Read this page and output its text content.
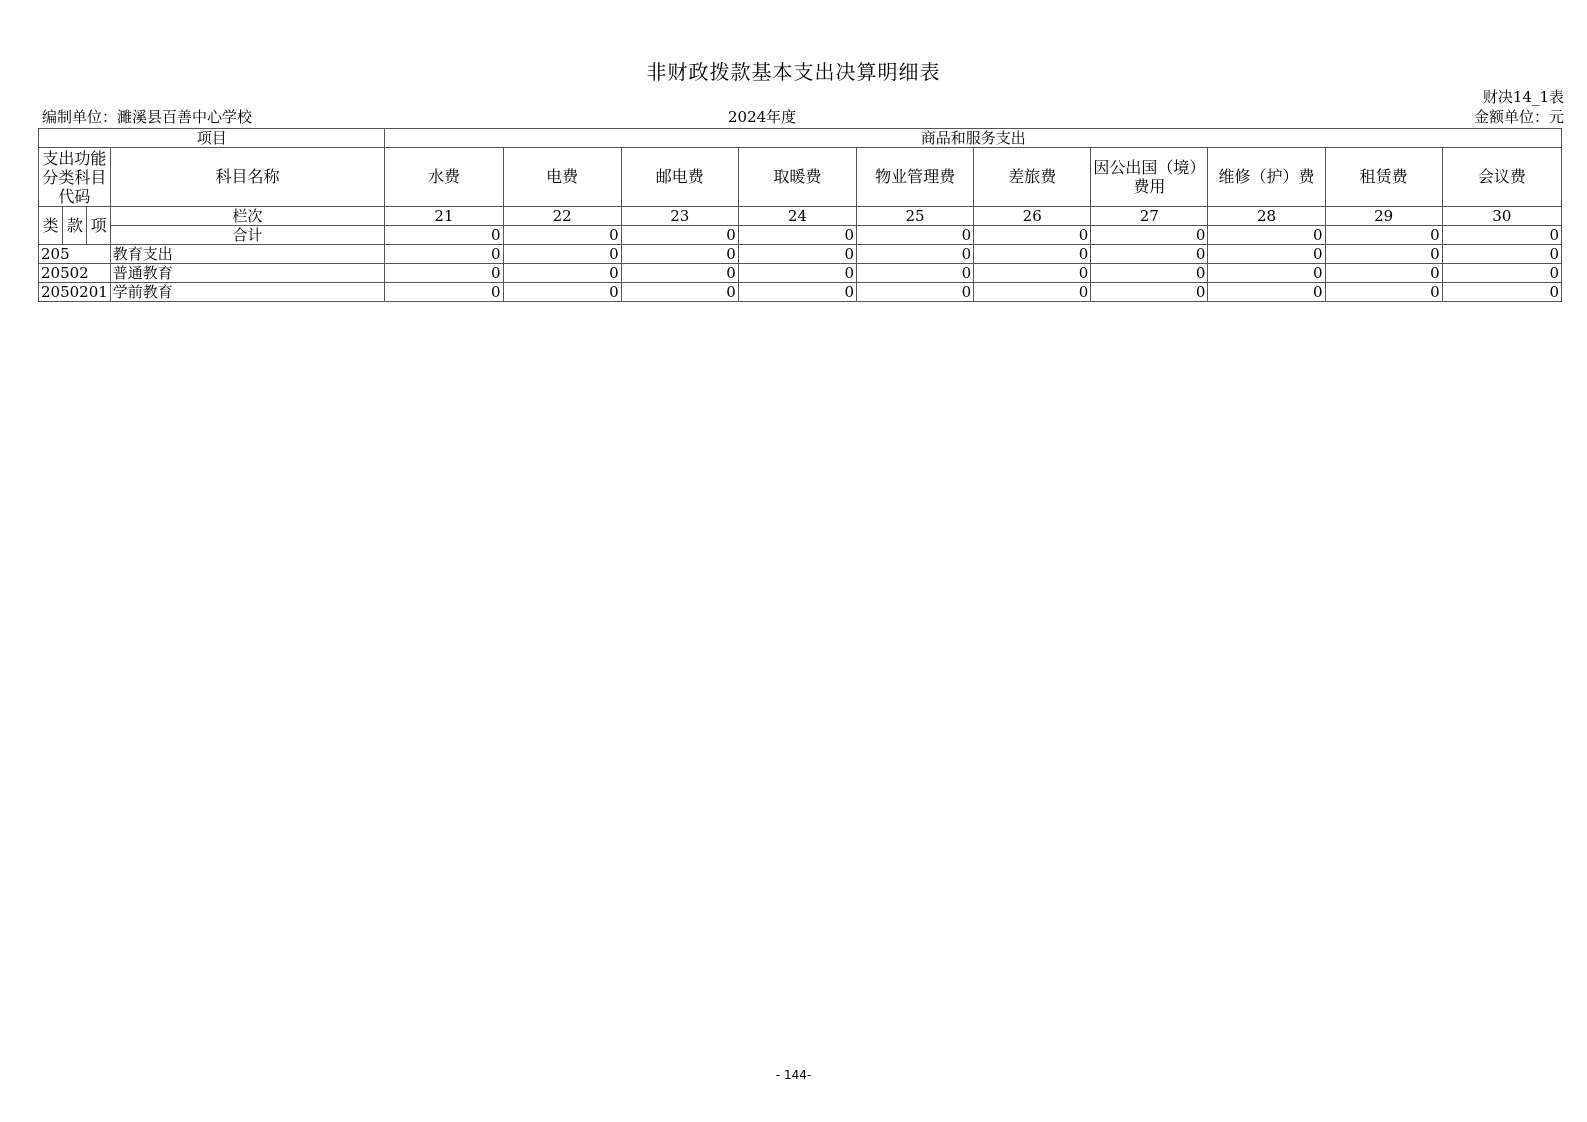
非财政拨款基本支出决算明细表
财决14_1表
编制单位：濉溪县百善中心学校	2024年度	金额单位：元
项目				商品和服务支出									
支出功能分类科目代码			科目名称	水费	电费	邮电费	取暖费	物业管理费	差旅费	因公出国（境）费用	维修（护）费	租赁费	会议费
类	款	项	栏次	21	22	23	24	25	26	27	28	29	30
			合计	0	0	0	0	0	0	0	0	0	0
205			教育支出	0	0	0	0	0	0	0	0	0	0
20502			普通教育	0	0	0	0	0	0	0	0	0	0
2050201			学前教育	0	0	0	0	0	0	0	0	0	0
- 144-
